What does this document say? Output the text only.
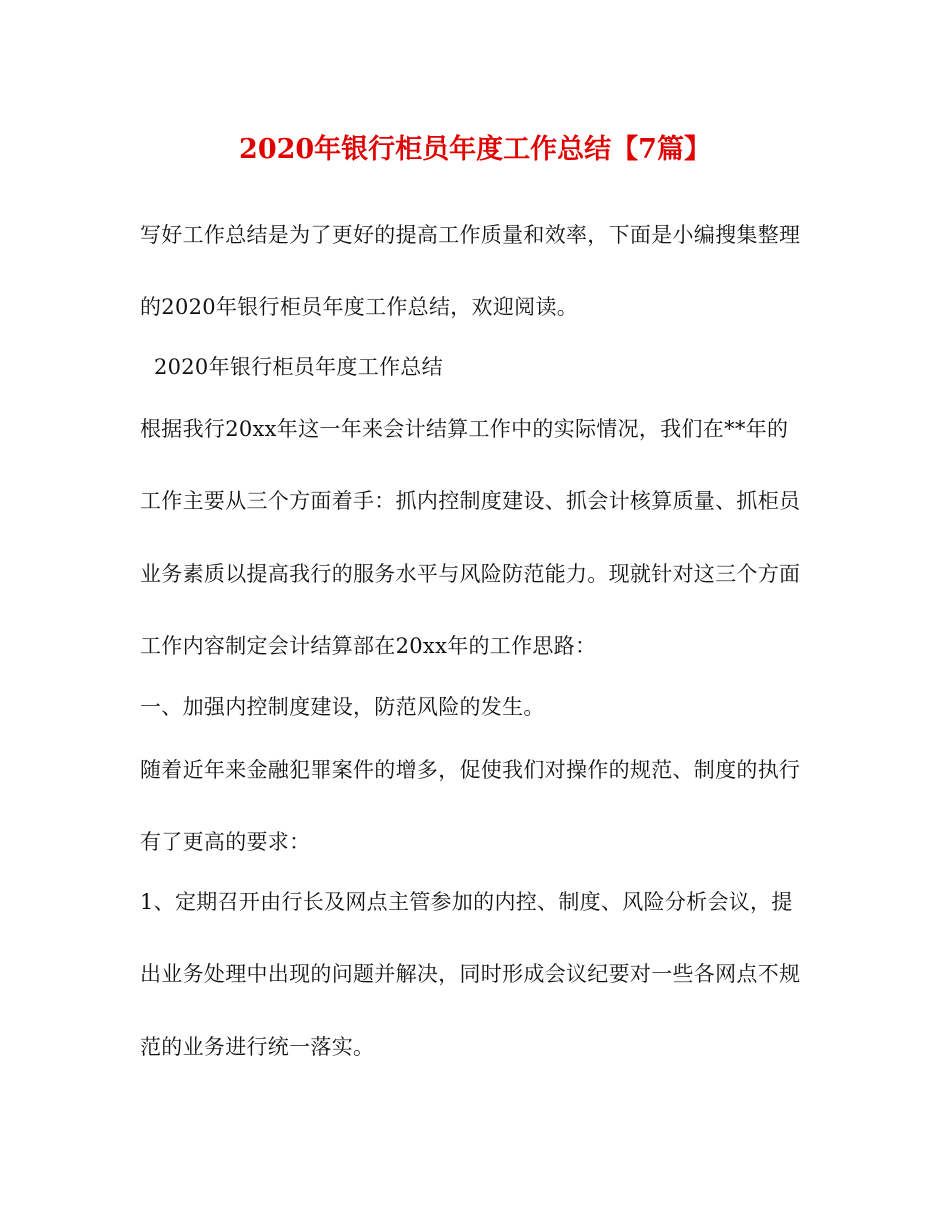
2020年银行柜员年度工作总结【7篇】
写好工作总结是为了更好的提高工作质量和效率，下面是小编搜集整理
的2020年银行柜员年度工作总结，欢迎阅读。
2020年银行柜员年度工作总结
根据我行20xx年这一年来会计结算工作中的实际情况，我们在**年的
工作主要从三个方面着手：抓内控制度建设、抓会计核算质量、抓柜员
业务素质以提高我行的服务水平与风险防范能力。现就针对这三个方面
工作内容制定会计结算部在20xx年的工作思路：
一、加强内控制度建设，防范风险的发生。
随着近年来金融犯罪案件的增多，促使我们对操作的规范、制度的执行
有了更高的要求：
1、定期召开由行长及网点主管参加的内控、制度、风险分析会议，提
出业务处理中出现的问题并解决，同时形成会议纪要对一些各网点不规
范的业务进行统一落实。
